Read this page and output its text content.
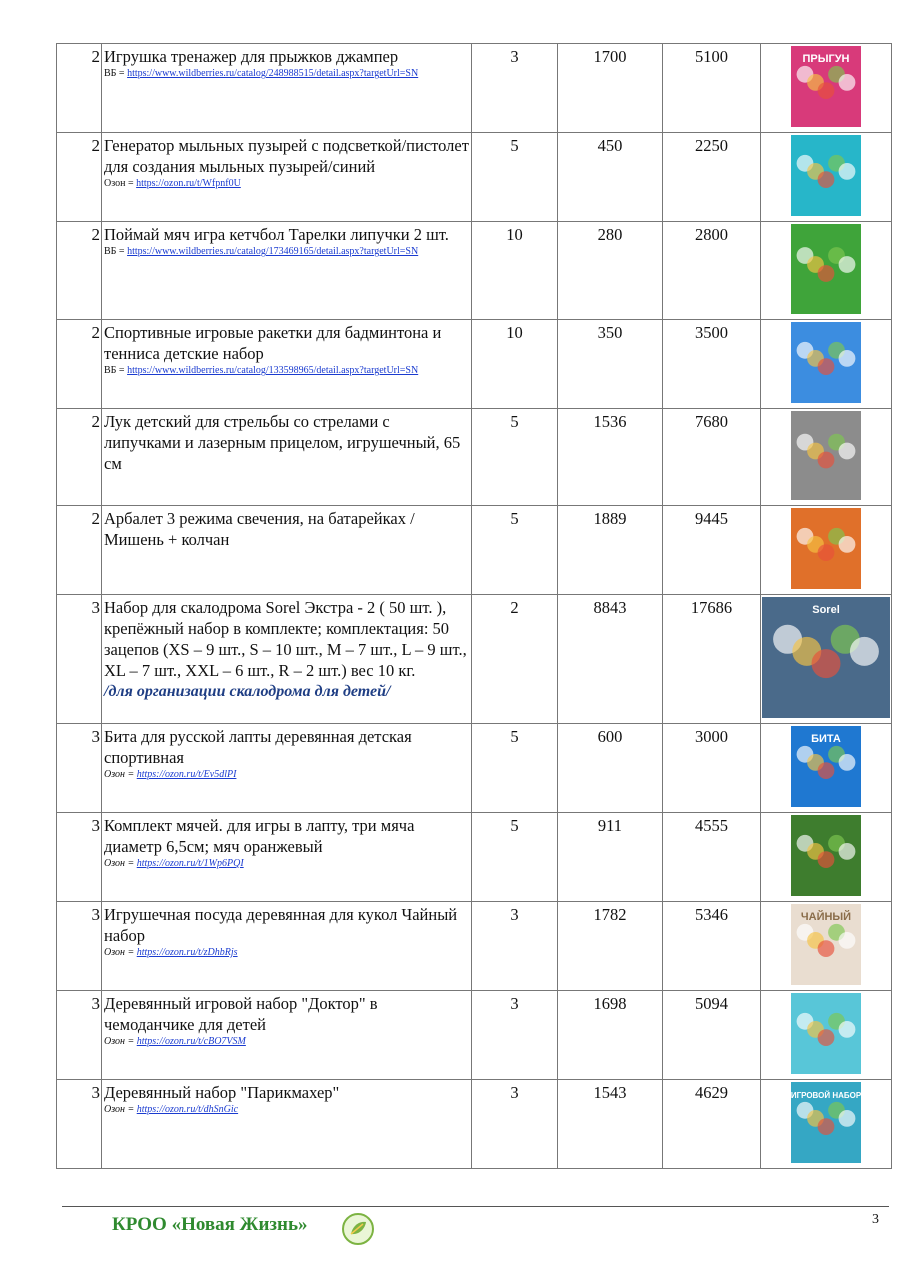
2	Игрушка тренажер для прыжков джампер
ВБ = https://www.wildberries.ru/catalog/248988515/detail.aspx?targetUrl=SN	3	1700	5100	ПРЫГУН

2	Генератор мыльных пузырей с подсветкой/пистолет для создания мыльных пузырей/синий
Озон = https://ozon.ru/t/Wfpnf0U	5	450	2250	
2	Поймай мяч игра кетчбол Тарелки липучки 2 шт.
ВБ = https://www.wildberries.ru/catalog/173469165/detail.aspx?targetUrl=SN	10	280	2800	
2	Спортивные игровые ракетки для бадминтона и тенниса детские набор
ВБ = https://www.wildberries.ru/catalog/133598965/detail.aspx?targetUrl=SN	10	350	3500	
2	Лук детский для стрельбы со стрелами с липучками и лазерным прицелом, игрушечный, 65 см	5	1536	7680	
2	Арбалет 3 режима свечения, на батарейках / Мишень + колчан	5	1889	9445	
3	Набор для скалодрома Sorel Экстра - 2 ( 50 шт. ), крепёжный набор в комплекте; комплектация: 50 зацепов (XS – 9 шт., S – 10 шт., M – 7 шт., L – 9 шт., XL – 7 шт., XXL – 6 шт., R – 2 шт.) вес 10 кг.
/для организации скалодрома для детей/	2	8843	17686	Sorel

3	Бита для русской лапты деревянная детская спортивная
Озон = https://ozon.ru/t/Ev5dlPI	5	600	3000	БИТА

3	Комплект мячей. для игры в лапту, три мяча диаметр 6,5см; мяч оранжевый
Озон = https://ozon.ru/t/1Wp6PQI	5	911	4555	
3	Игрушечная посуда деревянная для кукол Чайный набор
Озон = https://ozon.ru/t/zDhbRjs	3	1782	5346	ЧАЙНЫЙ

3	Деревянный игровой набор "Доктор" в чемоданчике для детей
Озон = https://ozon.ru/t/cBO7VSM	3	1698	5094	
3	Деревянный набор "Парикмахер"
Озон = https://ozon.ru/t/dhSnGic	3	1543	4629	ИГРОВОЙ НАБОР
КРОО «Новая Жизнь»	3
